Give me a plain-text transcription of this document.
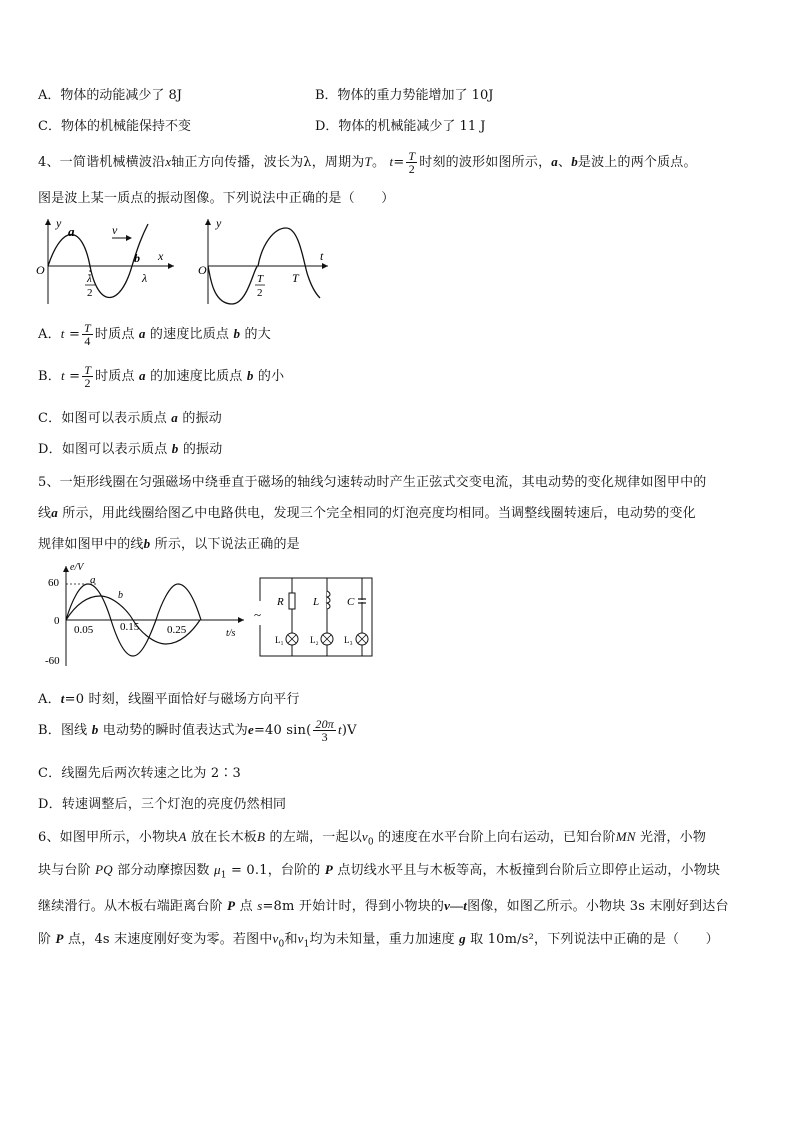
A．物体的动能减少了 8J	B．物体的重力势能增加了 10J
C．物体的机械能保持不变	D．物体的机械能减少了 11 J
4、一简谐机械横波沿x轴正方向传播，波长为λ，周期为T。 $t= \frac{T}{2}$ 时刻的波形如图所示，a、b是波上的两个质点。
图是波上某一质点的振动图像。下列说法中正确的是（　　）
y
a	v
b x
O
λ
2
λ
y
t
O
T
2
T
A．$t = \frac{T}{4}$ 时质点 a 的速度比质点 b 的大
B．$t = \frac{T}{2}$ 时质点 a 的加速度比质点 b 的小
C．如图可以表示质点 a 的振动
D．如图可以表示质点 b 的振动
5、一矩形线圈在匀强磁场中绕垂直于磁场的轴线匀速转动时产生正弦式交变电流，其电动势的变化规律如图甲中的
线a 所示，用此线圈给图乙中电路供电，发现三个完全相同的灯泡亮度均相同。当调整线圈转速后，电动势的变化
规律如图甲中的线b 所示，以下说法正确的是
60
0
-60
e/V
0.05 0.15	0.25	t/s
a
b
~
R	L	C
L₁	L₂	L₃
A．t=0 时刻，线圈平面恰好与磁场方向平行
B．图线 b 电动势的瞬时值表达式为e=40 $\sin( \frac{20\pi}{3} t)V$
C．线圈先后两次转速之比为 2∶3
D．转速调整后，三个灯泡的亮度仍然相同
6、如图甲所示，小物块A 放在长木板B 的左端，一起以$v_0$ 的速度在水平台阶上向右运动，已知台阶MN 光滑，小物
块与台阶 PQ 部分动摩擦因数 $\mu_1 = 0.1$，台阶的 P 点切线水平且与木板等高，木板撞到台阶后立即停止运动，小物块
继续滑行。从木板右端距离台阶 P 点 s=8m 开始计时，得到小物块的v—t图像，如图乙所示。小物块 3s 末刚好到达台
阶 P 点，4s 末速度刚好变为零。若图中$v_0$和$v_1$均为未知量，重力加速度 g 取 10m/s²，下列说法中正确的是（　　）
